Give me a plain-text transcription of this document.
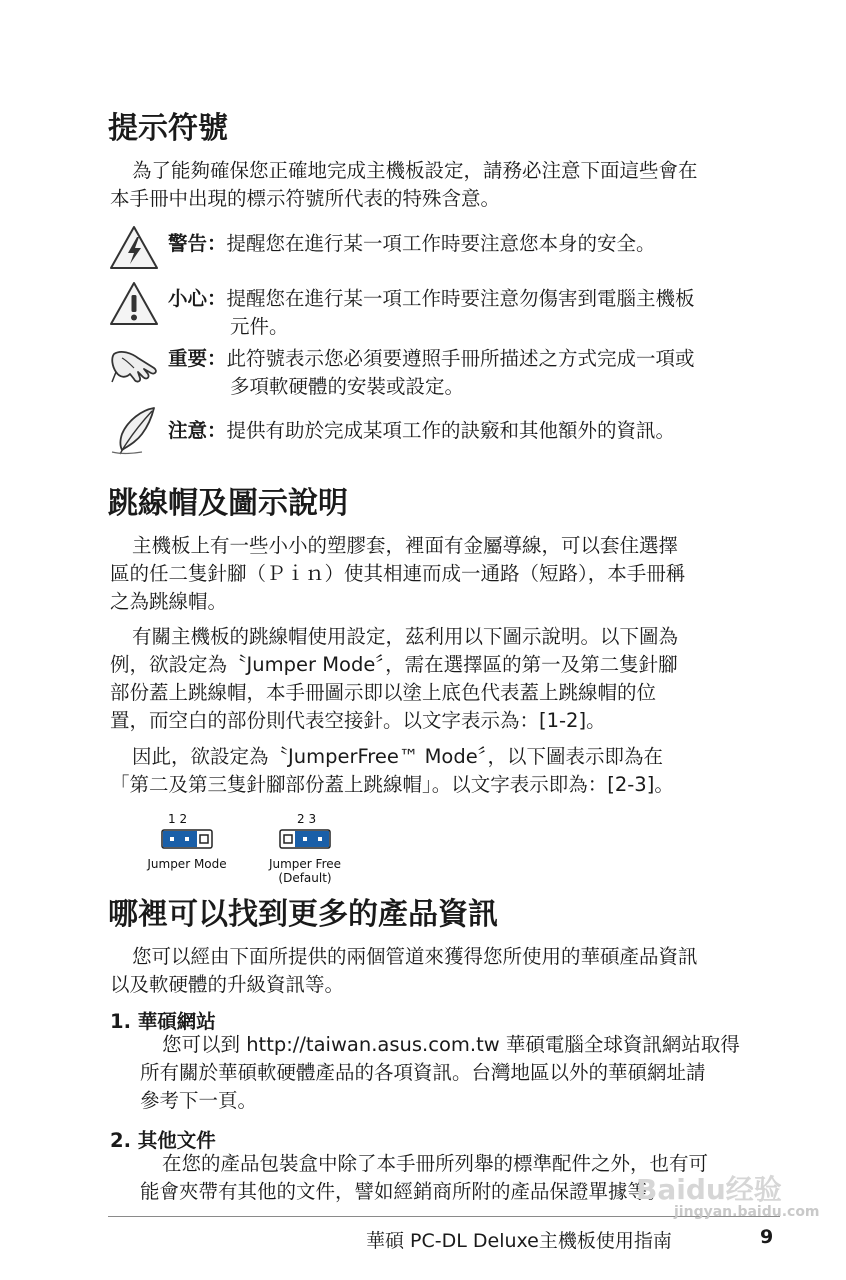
提示符號
為了能夠確保您正確地完成主機板設定，請務必注意下面這些會在
本手冊中出現的標示符號所代表的特殊含意。
警告：提醒您在進行某一項工作時要注意您本身的安全。
小心：提醒您在進行某一項工作時要注意勿傷害到電腦主機板
元件。
重要：此符號表示您必須要遵照手冊所描述之方式完成一項或
多項軟硬體的安裝或設定。
注意：提供有助於完成某項工作的訣竅和其他額外的資訊。
跳線帽及圖示說明
主機板上有一些小小的塑膠套，裡面有金屬導線，可以套住選擇
區的任二隻針腳（Ｐｉｎ）使其相連而成一通路（短路），本手冊稱
之為跳線帽。
有關主機板的跳線帽使用設定，茲利用以下圖示說明。以下圖為
例，欲設定為〝Jumper Mode〞，需在選擇區的第一及第二隻針腳
部份蓋上跳線帽，本手冊圖示即以塗上底色代表蓋上跳線帽的位
置，而空白的部份則代表空接針。以文字表示為：[1-2]。
因此，欲設定為〝JumperFree™ Mode〞，以下圖表示即為在
「第二及第三隻針腳部份蓋上跳線帽」。以文字表示即為：[2-3]。
1 2
Jumper Mode
2 3
Jumper Free
(Default)
哪裡可以找到更多的產品資訊
您可以經由下面所提供的兩個管道來獲得您所使用的華碩產品資訊
以及軟硬體的升級資訊等。
1. 華碩網站
您可以到 http://taiwan.asus.com.tw 華碩電腦全球資訊網站取得
所有關於華碩軟硬體產品的各項資訊。台灣地區以外的華碩網址請
參考下一頁。
2. 其他文件
在您的產品包裝盒中除了本手冊所列舉的標準配件之外，也有可
能會夾帶有其他的文件，譬如經銷商所附的產品保證單據等。
華碩 PC-DL Deluxe主機板使用指南	9
Baidu经验
jingyan.baidu.com
